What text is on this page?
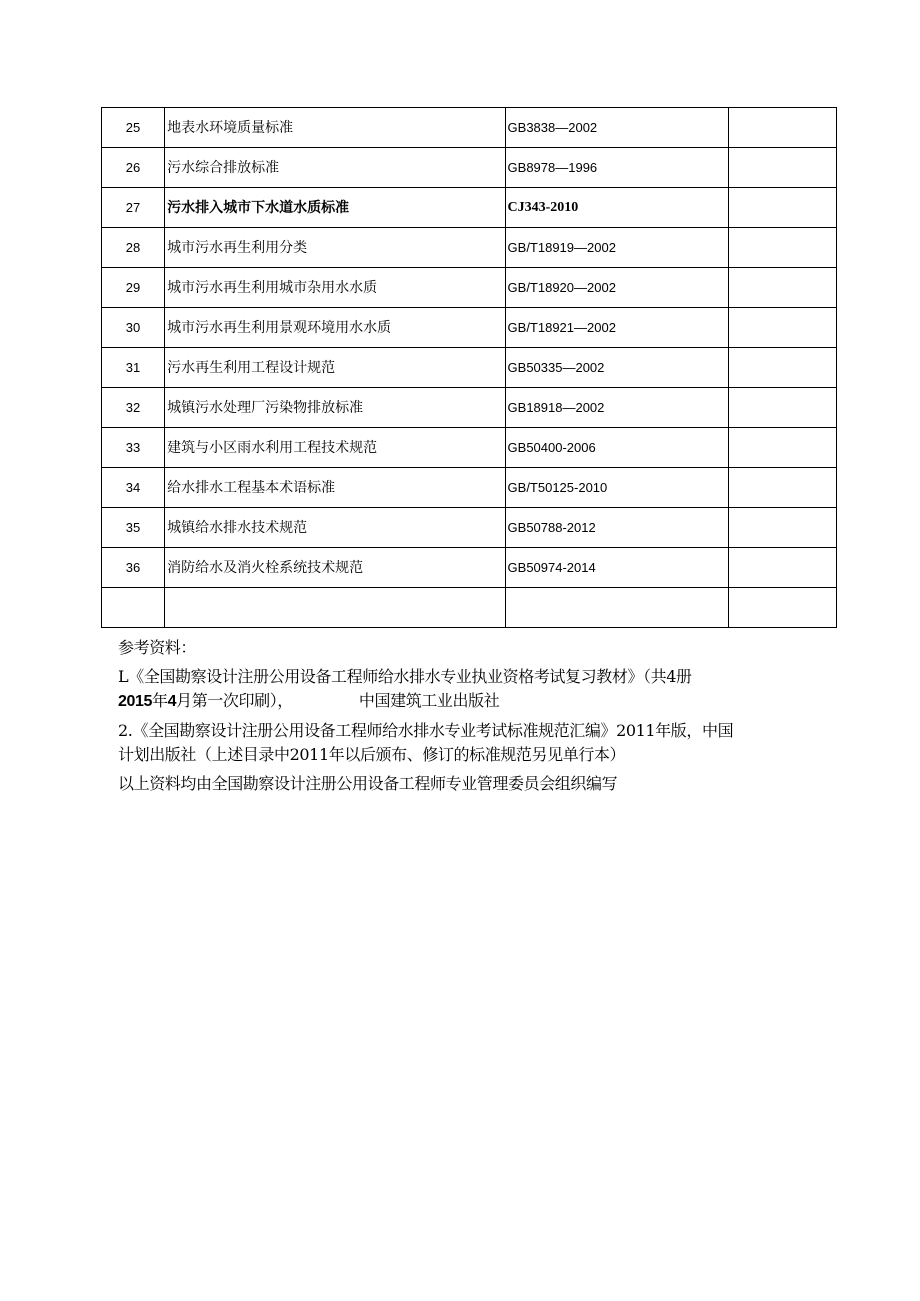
25	地表水环境质量标准	GB3838—2002	
26	污水综合排放标准	GB8978—1996	
27	污水排入城市下水道水质标准	CJ343-2010	
28	城市污水再生利用分类	GB/T18919—2002	
29	城市污水再生利用城市杂用水水质	GB/T18920—2002	
30	城市污水再生利用景观环境用水水质	GB/T18921—2002	
31	污水再生利用工程设计规范	GB50335—2002	
32	城镇污水处理厂污染物排放标准	GB18918—2002	
33	建筑与小区雨水利用工程技术规范	GB50400-2006	
34	给水排水工程基本术语标准	GB/T50125-2010	
35	城镇给水排水技术规范	GB50788-2012	
36	消防给水及消火栓系统技术规范	GB50974-2014	

参考资料：

L《全国勘察设计注册公用设备工程师给水排水专业执业资格考试复习教材》（共4册
2015年4月第一次印刷），	中国建筑工业出版社

2.《全国勘察设计注册公用设备工程师给水排水专业考试标准规范汇编》2011年版，中国
计划出版社（上述目录中2011年以后颁布、修订的标准规范另见单行本）

以上资料均由全国勘察设计注册公用设备工程师专业管理委员会组织编写
